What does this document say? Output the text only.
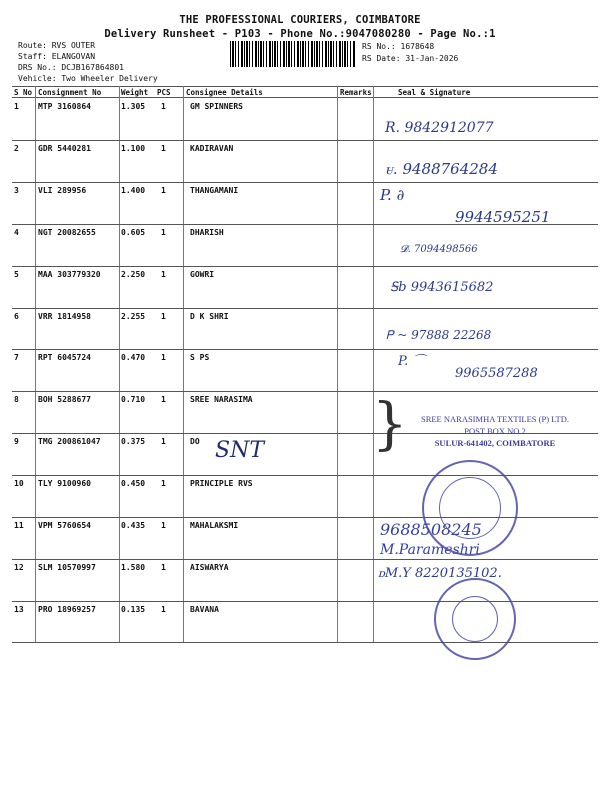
THE PROFESSIONAL COURIERS, COIMBATORE
Delivery Runsheet - P103 - Phone No.:9047080280 - Page No.:1
Route: RVS OUTER
Staff: ELANGOVAN
DRS No.: DCJB167864801
Vehicle: Two Wheeler Delivery
RS No.: 1678648
RS Date: 31-Jan-2026
S No Consignment No	Weight PCS Consignee Details	Remarks	Seal & Signature
1 MTP 3160864	1.305 1	GM SPINNERS
2 GDR 5440281	1.100 1	KADIRAVAN
3 VLI 289956	1.400 1	THANGAMANI
4 NGT 20082655	0.605 1	DHARISH
5 MAA 303779320	2.250 1	GOWRI
6 VRR 1814958	2.255 1	D K SHRI
7 RPT 6045724	0.470 1	S PS
8 BOH 5288677	0.710 1	SREE NARASIMA
9 TMG 200861047	0.375 1	DO
10 TLY 9100960	0.450 1	PRINCIPLE RVS
11 VPM 5760654	0.435 1	MAHALAKSMI
12 SLM 10570997	1.580 1	AISWARYA
13 PRO 18969257	0.135 1	BAVANA
R. 9842912077
ꮜ. 9488764284
P. ∂
9944595251
𝓓. 7094498566
Ꭶb 9943615682
Ꮲ ~ 97888 22268
P. ⌒
9965587288
}
SNT
9688508245
M.Parameshri
ꭰM.Y 8220135102.
SREE NARASIMHA TEXTILES (P) LTD.
POST BOX NO.2
SULUR-641402, COIMBATORE
